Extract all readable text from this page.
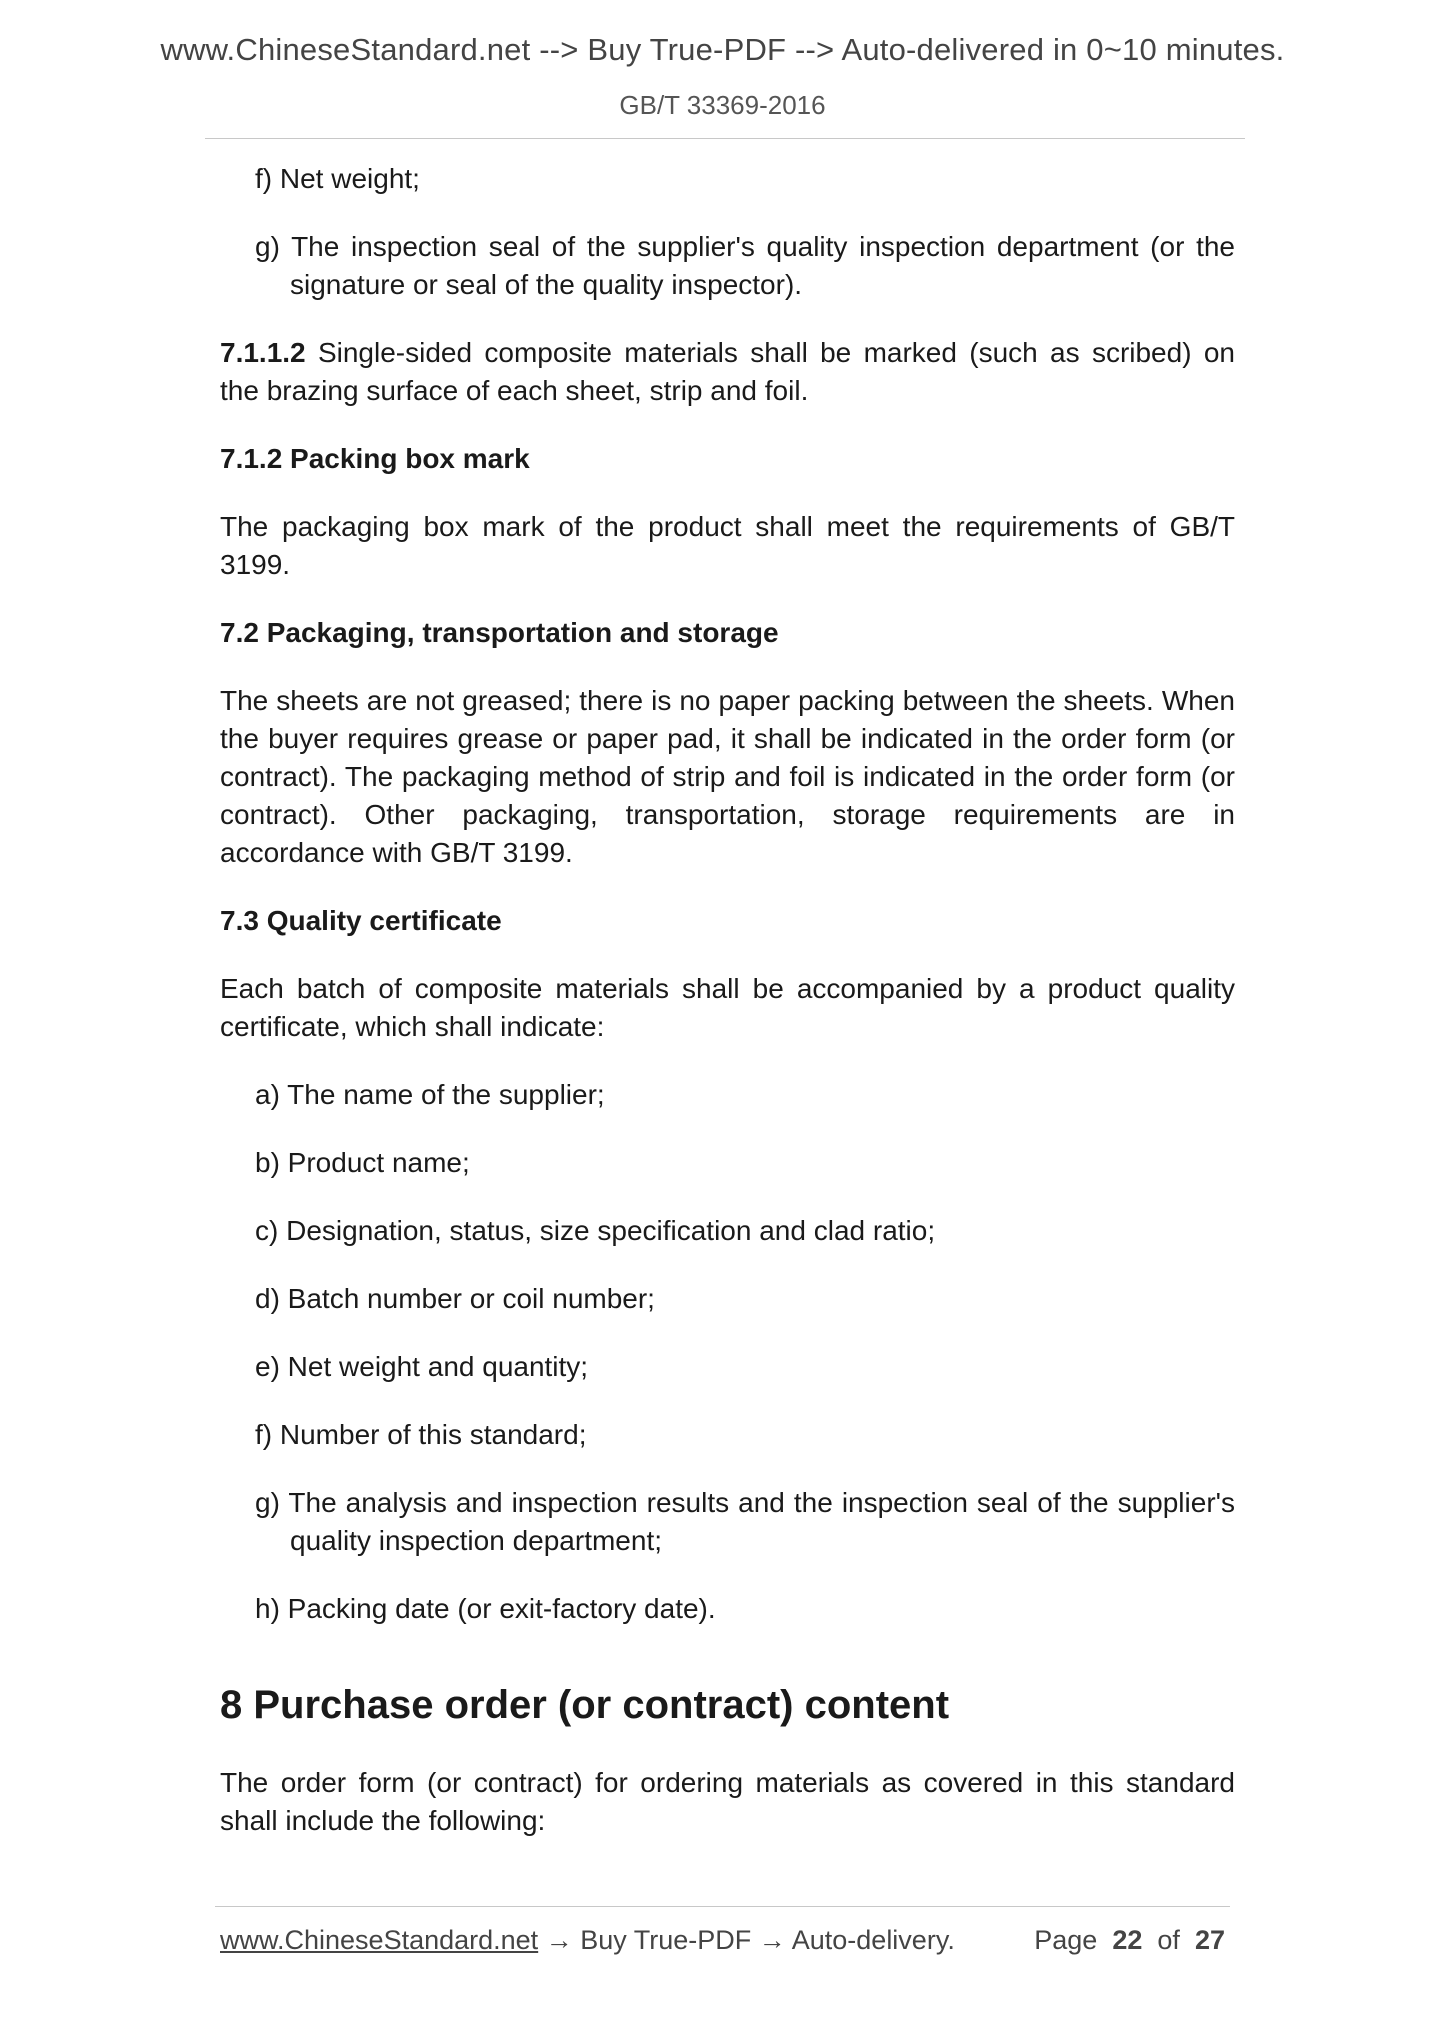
www.ChineseStandard.net --> Buy True-PDF --> Auto-delivered in 0~10 minutes.
GB/T 33369-2016
f) Net weight;
g) The inspection seal of the supplier's quality inspection department (or the signature or seal of the quality inspector).
7.1.1.2 Single-sided composite materials shall be marked (such as scribed) on the brazing surface of each sheet, strip and foil.
7.1.2 Packing box mark
The packaging box mark of the product shall meet the requirements of GB/T 3199.
7.2 Packaging, transportation and storage
The sheets are not greased; there is no paper packing between the sheets. When the buyer requires grease or paper pad, it shall be indicated in the order form (or contract). The packaging method of strip and foil is indicated in the order form (or contract). Other packaging, transportation, storage requirements are in accordance with GB/T 3199.
7.3 Quality certificate
Each batch of composite materials shall be accompanied by a product quality certificate, which shall indicate:
a) The name of the supplier;
b) Product name;
c) Designation, status, size specification and clad ratio;
d) Batch number or coil number;
e) Net weight and quantity;
f) Number of this standard;
g) The analysis and inspection results and the inspection seal of the supplier's quality inspection department;
h) Packing date (or exit-factory date).
8 Purchase order (or contract) content
The order form (or contract) for ordering materials as covered in this standard shall include the following:
www.ChineseStandard.net → Buy True-PDF → Auto-delivery.	Page 22 of 27
